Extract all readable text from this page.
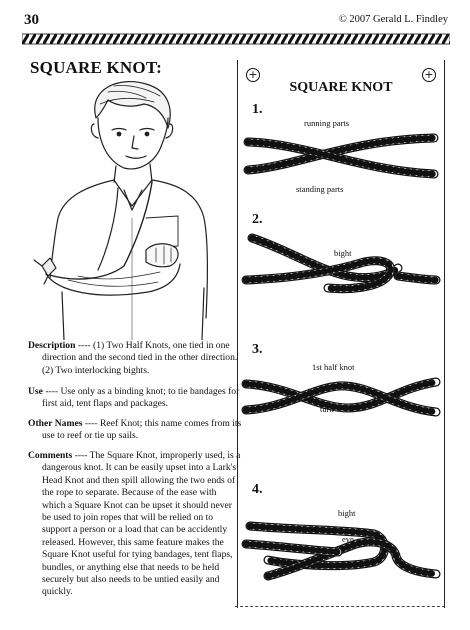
30	© 2007 Gerald L. Findley
SQUARE KNOT:
Description ---- (1) Two Half Knots, one tied in one direction and the second tied in the other direction. (2) Two interlocking bights.
Use ---- Use only as a binding knot; to tie bandages for first aid, tent flaps and packages.
Other Names ---- Reef Knot; this name comes from its use to reef or tie up sails.
Comments ---- The Square Knot, improperly used, is a dangerous knot. It can be easily upset into a Lark's Head Knot and then spill allowing the two ends of the rope to separate. Because of the ease with which a Square Knot can be upset it should never be used to join ropes that will be relied on to support a person or a load that can be accidently released. However, this same feature makes the Square Knot useful for tying bandages, tent flaps, bundles, or anything else that needs to be held securely but also needs to be untied easily and quickly.
+	+
SQUARE KNOT
1.
running parts
standing parts
2.
bight
3.
1st half knot
turn
4.
bight
eye
